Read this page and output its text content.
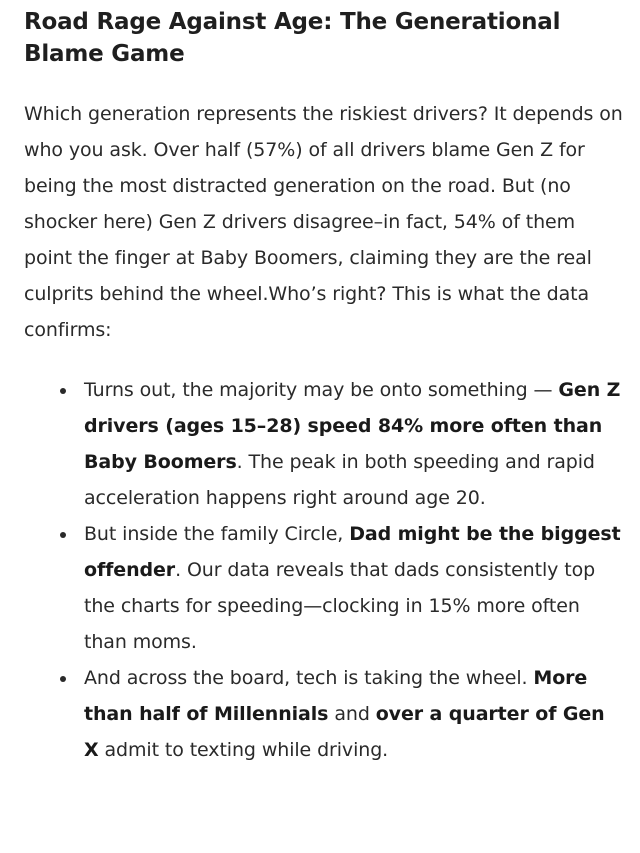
Road Rage Against Age: The Generational Blame Game

Which generation represents the riskiest drivers? It depends on who you ask. Over half (57%) of all drivers blame Gen Z for being the most distracted generation on the road. But (no shocker here) Gen Z drivers disagree–in fact, 54% of them point the finger at Baby Boomers, claiming they are the real culprits behind the wheel.Who’s right? This is what the data confirms:

Turns out, the majority may be onto something — Gen Z drivers (ages 15–28) speed 84% more often than Baby Boomers. The peak in both speeding and rapid acceleration happens right around age 20.
But inside the family Circle, Dad might be the biggest offender. Our data reveals that dads consistently top the charts for speeding—clocking in 15% more often than moms.
And across the board, tech is taking the wheel. More than half of Millennials and over a quarter of Gen X admit to texting while driving.
